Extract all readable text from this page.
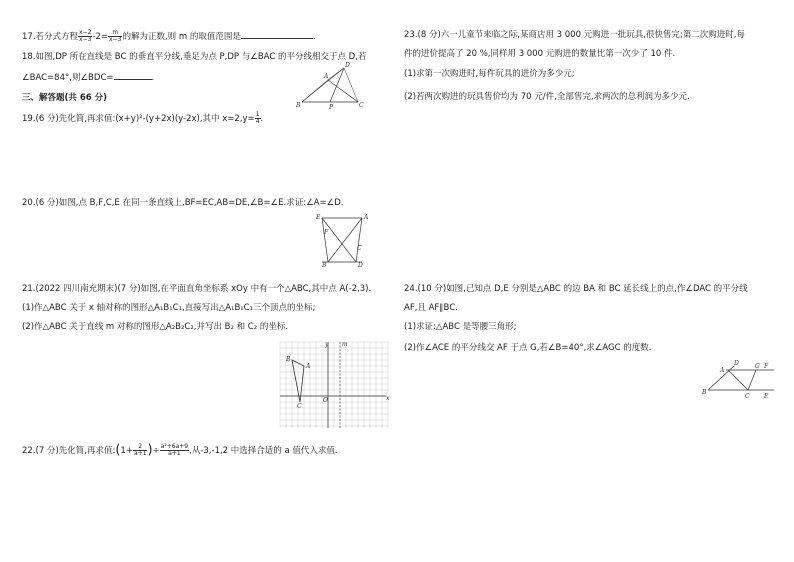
17.若分式方程 $\frac{x-2}{x-3} -2= \frac{m}{x-3}$ 的解为正数,则 m 的取值范围是	.
18.如图,DP 所在直线是 BC 的垂直平分线,垂足为点 P,DP 与∠BAC 的平分线相交于点 D,若
∠BAC=84°,则∠BDC=	.	A
B	C
P
D
三、解答题(共 66 分)
19.(6 分)先化简,再求值:(x+y)²-(y+2x)(y-2x),其中 $x=2,y= \frac{1}{4}$ .
20.(6 分)如图,点 B,F,C,E 在同一条直线上,BF=EC,AB=DE,∠B=∠E.求证:∠A=∠D.
E	A
F
C
B	D
21.(2022 四川南充期末)(7 分)如图,在平面直角坐标系 xOy 中有一个△ABC,其中点 A(-2,3).
(1)作△ABC 关于 x 轴对称的图形△A₁B₁C₁,直接写出△A₁B₁C₁三个顶点的坐标;
(2)作△ABC 关于直线 m 对称的图形△A₂B₂C₂,并写出 B₂ 和 C₂ 的坐标.
y m
A
B
C
O	x
22.(7 分)先化简,再求值:(1+ $\frac{2}{a+1}$ )÷ $\frac{\text{a²+6a+9}}{a+1}$ ,从-3,-1,2 中选择合适的 a 值代入求值.
23.(8 分)六一儿童节来临之际,某商店用 3 000 元购进一批玩具,很快售完;第二次购进时,每
件的进价提高了 20 %,同样用 3 000 元购进的数量比第一次少了 10 件.
(1)求第一次购进时,每件玩具的进价为多少元;
(2)若两次购进的玩具售价均为 70 元/件,全部售完,求两次的总利润为多少元.
24.(10 分)如图,已知点 D,E 分别是△ABC 的边 BA 和 BC 延长线上的点,作∠DAC 的平分线
AF,且 AF∥BC.
(1)求证:△ABC 是等腰三角形;
(2)作∠ACE 的平分线交 AF 于点 G,若∠B=40°,求∠AGC 的度数.
D
A
F
G
B
C E
